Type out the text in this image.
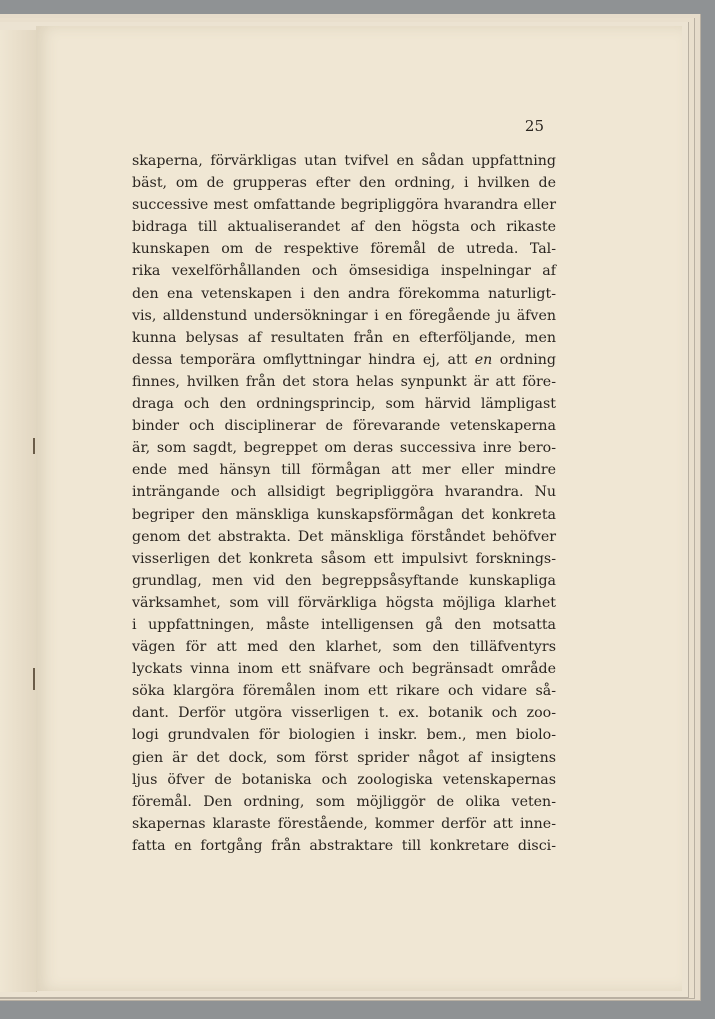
25
skaperna, förvärkligas utan tvifvel en sådan uppfattning
bäst, om de grupperas efter den ordning, i hvilken de
successive mest omfattande begripliggöra hvarandra eller
bidraga till aktualiserandet af den högsta och rikaste
kunskapen om de respektive föremål de utreda. Tal-
rika vexelförhållanden och ömsesidiga inspelningar af
den ena vetenskapen i den andra förekomma naturligt-
vis, alldenstund undersökningar i en föregående ju äfven
kunna belysas af resultaten från en efterföljande, men
dessa temporära omflyttningar hindra ej, att en ordning
finnes, hvilken från det stora helas synpunkt är att före-
draga och den ordningsprincip, som härvid lämpligast
binder och disciplinerar de förevarande vetenskaperna
är, som sagdt, begreppet om deras successiva inre bero-
ende med hänsyn till förmågan att mer eller mindre
inträngande och allsidigt begripliggöra hvarandra. Nu
begriper den mänskliga kunskapsförmågan det konkreta
genom det abstrakta. Det mänskliga förståndet behöfver
visserligen det konkreta såsom ett impulsivt forsknings-
grundlag, men vid den begreppsåsyftande kunskapliga
värksamhet, som vill förvärkliga högsta möjliga klarhet
i uppfattningen, måste intelligensen gå den motsatta
vägen för att med den klarhet, som den tilläfventyrs
lyckats vinna inom ett snäfvare och begränsadt område
söka klargöra föremålen inom ett rikare och vidare så-
dant. Derför utgöra visserligen t. ex. botanik och zoo-
logi grundvalen för biologien i inskr. bem., men biolo-
gien är det dock, som först sprider något af insigtens
ljus öfver de botaniska och zoologiska vetenskapernas
föremål. Den ordning, som möjliggör de olika veten-
skapernas klaraste förestående, kommer derför att inne-
fatta en fortgång från abstraktare till konkretare disci-
